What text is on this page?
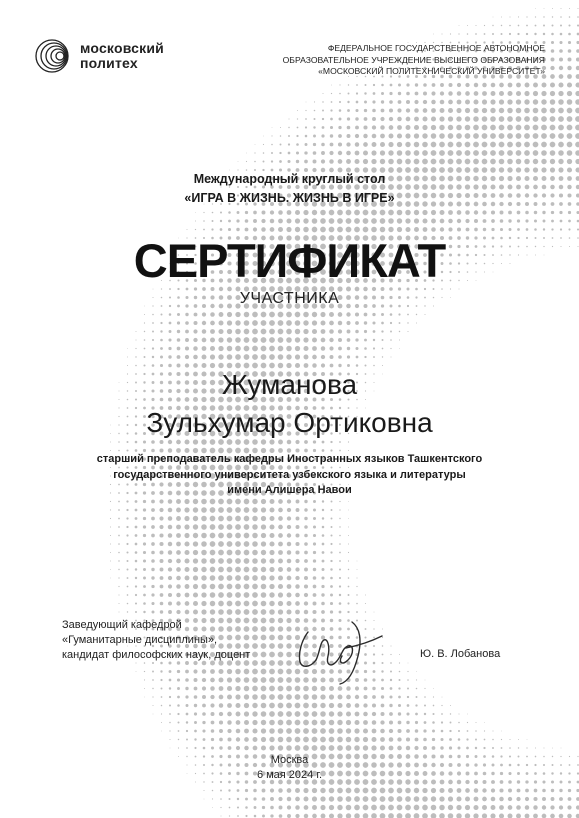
московский
политех
ФЕДЕРАЛЬНОЕ ГОСУДАРСТВЕННОЕ АВТОНОМНОЕ
ОБРАЗОВАТЕЛЬНОЕ УЧРЕЖДЕНИЕ ВЫСШЕГО ОБРАЗОВАНИЯ
«МОСКОВСКИЙ ПОЛИТЕХНИЧЕСКИЙ УНИВЕРСИТЕТ»
Международный круглый стол
«ИГРА В ЖИЗНЬ. ЖИЗНЬ В ИГРЕ»
СЕРТИФИКАТ
УЧАСТНИКА
Жуманова
Зульхумар Ортиковна
старший преподаватель кафедры Иностранных языков Ташкентского
государственного университета узбекского языка и литературы
имени Алишера Навои
Заведующий кафедрой
«Гуманитарные дисциплины»,
кандидат философских наук, доцент	Ю. В. Лобанова
Москва
6 мая 2024 г.
